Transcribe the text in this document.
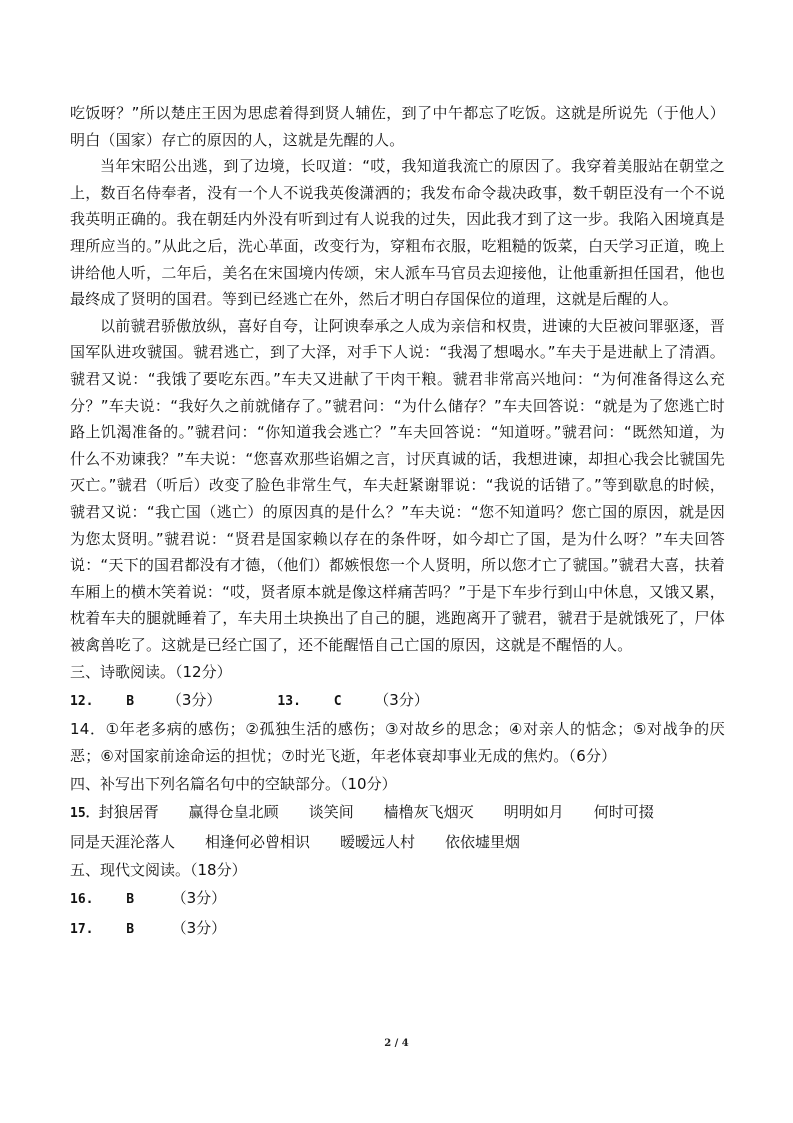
吃饭呀？”所以楚庄王因为思虑着得到贤人辅佐，到了中午都忘了吃饭。这就是所说先（于他人）明白（国家）存亡的原因的人，这就是先醒的人。

当年宋昭公出逃，到了边境，长叹道：“哎，我知道我流亡的原因了。我穿着美服站在朝堂之上，数百名侍奉者，没有一个人不说我英俊潇洒的；我发布命令裁决政事，数千朝臣没有一个不说我英明正确的。我在朝廷内外没有听到过有人说我的过失，因此我才到了这一步。我陷入困境真是理所应当的。”从此之后，洗心革面，改变行为，穿粗布衣服，吃粗糙的饭菜，白天学习正道，晚上讲给他人听，二年后，美名在宋国境内传颂，宋人派车马官员去迎接他，让他重新担任国君，他也最终成了贤明的国君。等到已经逃亡在外，然后才明白存国保位的道理，这就是后醒的人。

以前虢君骄傲放纵，喜好自夸，让阿谀奉承之人成为亲信和权贵，进谏的大臣被问罪驱逐，晋国军队进攻虢国。虢君逃亡，到了大泽，对手下人说：“我渴了想喝水。”车夫于是进献上了清酒。虢君又说：“我饿了要吃东西。”车夫又进献了干肉干粮。虢君非常高兴地问：“为何准备得这么充分？”车夫说：“我好久之前就储存了。”虢君问：“为什么储存？”车夫回答说：“就是为了您逃亡时路上饥渴准备的。”虢君问：“你知道我会逃亡？”车夫回答说：“知道呀。”虢君问：“既然知道，为什么不劝谏我？”车夫说：“您喜欢那些谄媚之言，讨厌真诚的话，我想进谏，却担心我会比虢国先灭亡。”虢君（听后）改变了脸色非常生气，车夫赶紧谢罪说：“我说的话错了。”等到歇息的时候，虢君又说：“我亡国（逃亡）的原因真的是什么？”车夫说：“您不知道吗？您亡国的原因，就是因为您太贤明。”虢君说：“贤君是国家赖以存在的条件呀，如今却亡了国，是为什么呀？”车夫回答说：“天下的国君都没有才德，（他们）都嫉恨您一个人贤明，所以您才亡了虢国。”虢君大喜，扶着车厢上的横木笑着说：“哎，贤者原本就是像这样痛苦吗？”于是下车步行到山中休息，又饿又累，枕着车夫的腿就睡着了，车夫用土块换出了自己的腿，逃跑离开了虢君，虢君于是就饿死了，尸体被禽兽吃了。这就是已经亡国了，还不能醒悟自己亡国的原因，这就是不醒悟的人。

三、诗歌阅读。（12分）

12.	B （3分）	13.	C （3分）

14．①年老多病的感伤；②孤独生活的感伤；③对故乡的思念；④对亲人的惦念；⑤对战争的厌恶；⑥对国家前途命运的担忧；⑦时光飞逝，年老体衰却事业无成的焦灼。（6分）

四、补写出下列名篇名句中的空缺部分。（10分）

15．封狼居胥 赢得仓皇北顾 谈笑间 樯橹灰飞烟灭 明明如月 何时可掇同是天涯沦落人 相逢何必曾相识 暧暧远人村 依依墟里烟

五、现代文阅读。（18分）

16.	B	（3分）

17.	B	（3分）

2 / 4
